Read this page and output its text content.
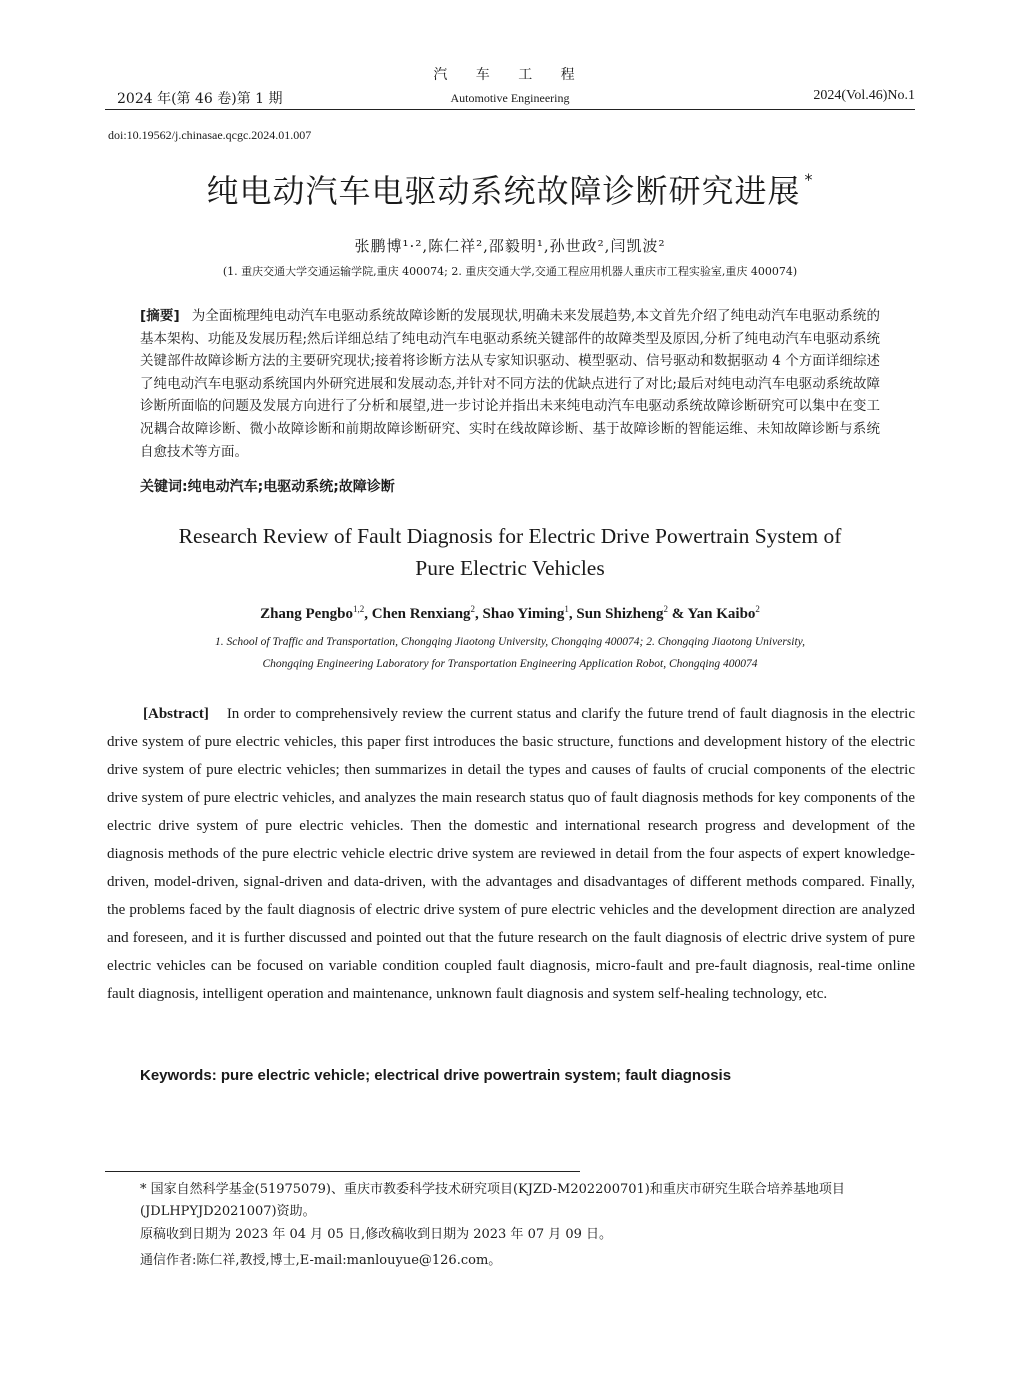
汽 车 工 程
2024 年(第 46 卷)第 1 期	Automotive Engineering	2024(Vol.46)No.1
doi:10.19562/j.chinasae.qcgc.2024.01.007
纯电动汽车电驱动系统故障诊断研究进展 *
张鹏博¹·²,陈仁祥²,邵毅明¹,孙世政²,闫凯波²
(1. 重庆交通大学交通运输学院,重庆 400074; 2. 重庆交通大学,交通工程应用机器人重庆市工程实验室,重庆 400074)
[摘要] 为全面梳理纯电动汽车电驱动系统故障诊断的发展现状,明确未来发展趋势,本文首先介绍了纯电动汽车电驱动系统的基本架构、功能及发展历程;然后详细总结了纯电动汽车电驱动系统关键部件的故障类型及原因,分析了纯电动汽车电驱动系统关键部件故障诊断方法的主要研究现状;接着将诊断方法从专家知识驱动、模型驱动、信号驱动和数据驱动 4 个方面详细综述了纯电动汽车电驱动系统国内外研究进展和发展动态,并针对不同方法的优缺点进行了对比;最后对纯电动汽车电驱动系统故障诊断所面临的问题及发展方向进行了分析和展望,进一步讨论并指出未来纯电动汽车电驱动系统故障诊断研究可以集中在变工况耦合故障诊断、微小故障诊断和前期故障诊断研究、实时在线故障诊断、基于故障诊断的智能运维、未知故障诊断与系统自愈技术等方面。
关键词:纯电动汽车;电驱动系统;故障诊断
Research Review of Fault Diagnosis for Electric Drive Powertrain System of
Pure Electric Vehicles
Zhang Pengbo$^{1,2}$, Chen Renxiang$^2$, Shao Yiming$^1$, Sun Shizheng$^2$ & Yan Kaibo$^2$
1. School of Traffic and Transportation, Chongqing Jiaotong University, Chongqing 400074; 2. Chongqing Jiaotong University,
Chongqing Engineering Laboratory for Transportation Engineering Application Robot, Chongqing 400074
[Abstract] In order to comprehensively review the current status and clarify the future trend of fault diagnosis in the electric drive system of pure electric vehicles, this paper first introduces the basic structure, functions and development history of the electric drive system of pure electric vehicles; then summarizes in detail the types and causes of faults of crucial components of the electric drive system of pure electric vehicles, and analyzes the main research status quo of fault diagnosis methods for key components of the electric drive system of pure electric vehicles. Then the domestic and international research progress and development of the diagnosis methods of the pure electric vehicle electric drive system are reviewed in detail from the four aspects of expert knowledge-driven, model-driven, signal-driven and data-driven, with the advantages and disadvantages of different methods compared. Finally, the problems faced by the fault diagnosis of electric drive system of pure electric vehicles and the development direction are analyzed and foreseen, and it is further discussed and pointed out that the future research on the fault diagnosis of electric drive system of pure electric vehicles can be focused on variable condition coupled fault diagnosis, micro-fault and pre-fault diagnosis, real-time online fault diagnosis, intelligent operation and maintenance, unknown fault diagnosis and system self-healing technology, etc.
Keywords: pure electric vehicle; electrical drive powertrain system; fault diagnosis
* 国家自然科学基金(51975079)、重庆市教委科学技术研究项目(KJZD-M202200701)和重庆市研究生联合培养基地项目(JDLHPYJD2021007)资助。
原稿收到日期为 2023 年 04 月 05 日,修改稿收到日期为 2023 年 07 月 09 日。
通信作者:陈仁祥,教授,博士,E-mail:manlouyue@126.com。
